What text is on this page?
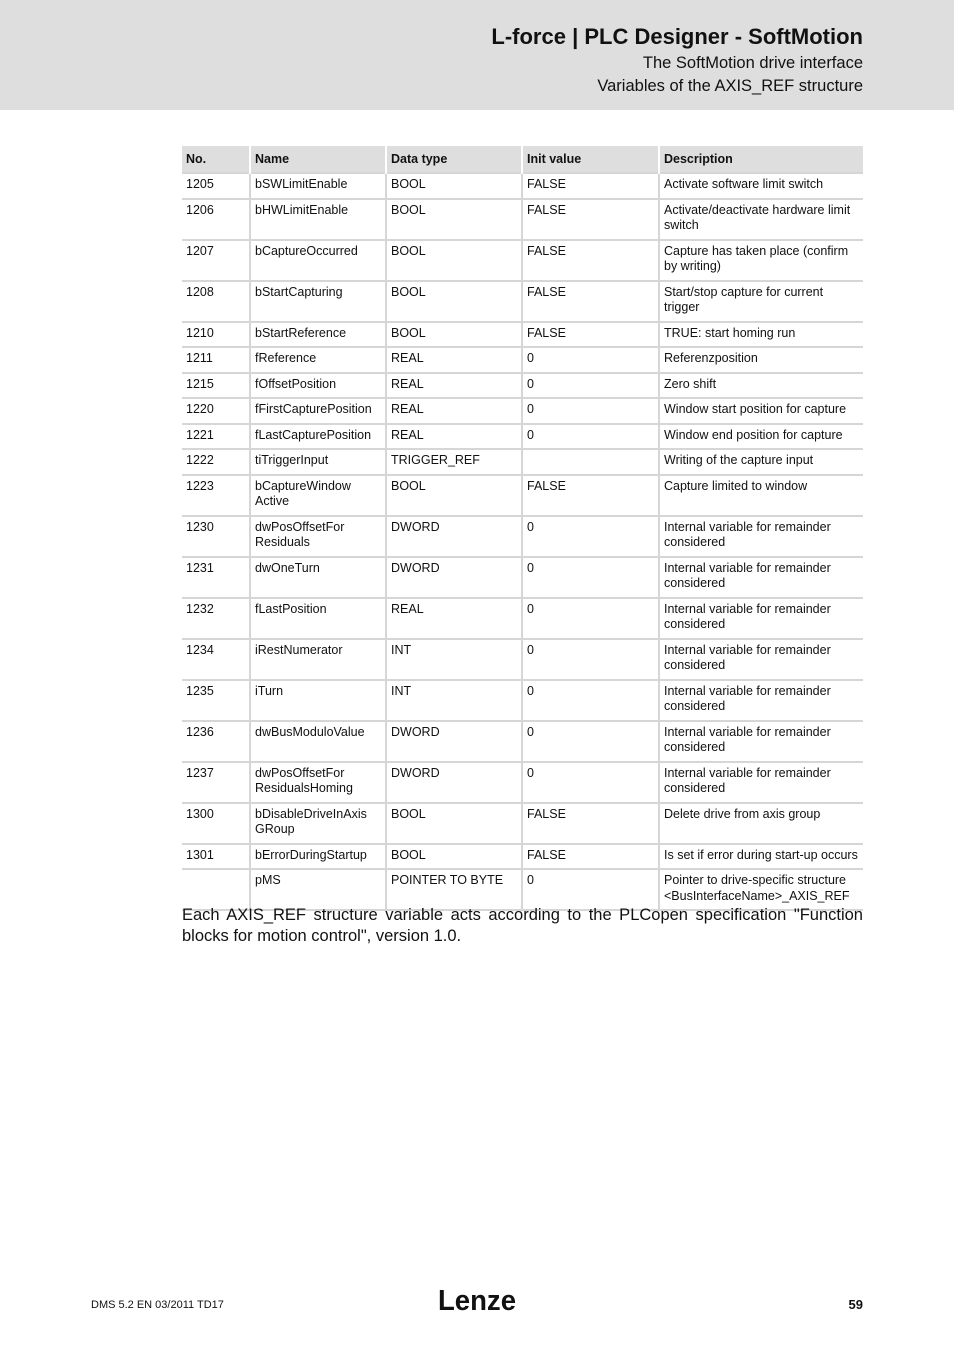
L-force | PLC Designer - SoftMotion
The SoftMotion drive interface
Variables of the AXIS_REF structure
No.	Name	Data type	Init value	Description
1205	bSWLimitEnable	BOOL	FALSE	Activate software limit switch
1206	bHWLimitEnable	BOOL	FALSE	Activate/deactivate hardware limit switch
1207	bCaptureOccurred	BOOL	FALSE	Capture has taken place (confirm by writing)
1208	bStartCapturing	BOOL	FALSE	Start/stop capture for current trigger
1210	bStartReference	BOOL	FALSE	TRUE: start homing run
1211	fReference	REAL	0	Referenzposition
1215	fOffsetPosition	REAL	0	Zero shift
1220	fFirstCapturePosition	REAL	0	Window start position for capture
1221	fLastCapturePosition	REAL	0	Window end position for capture
1222	tiTriggerInput	TRIGGER_REF		Writing of the capture input
1223	bCaptureWindow Active	BOOL	FALSE	Capture limited to window
1230	dwPosOffsetFor Residuals	DWORD	0	Internal variable for remainder considered
1231	dwOneTurn	DWORD	0	Internal variable for remainder considered
1232	fLastPosition	REAL	0	Internal variable for remainder considered
1234	iRestNumerator	INT	0	Internal variable for remainder considered
1235	iTurn	INT	0	Internal variable for remainder considered
1236	dwBusModuloValue	DWORD	0	Internal variable for remainder considered
1237	dwPosOffsetFor ResidualsHoming	DWORD	0	Internal variable for remainder considered
1300	bDisableDriveInAxis GRoup	BOOL	FALSE	Delete drive from axis group
1301	bErrorDuringStartup	BOOL	FALSE	Is set if error during start-up occurs
	pMS	POINTER TO BYTE	0	Pointer to drive-specific structure <BusInterfaceName>_AXIS_REF
Each AXIS_REF structure variable acts according to the PLCopen specification "Function blocks for motion control", version 1.0.
DMS 5.2 EN 03/2011 TD17	Lenze	59
